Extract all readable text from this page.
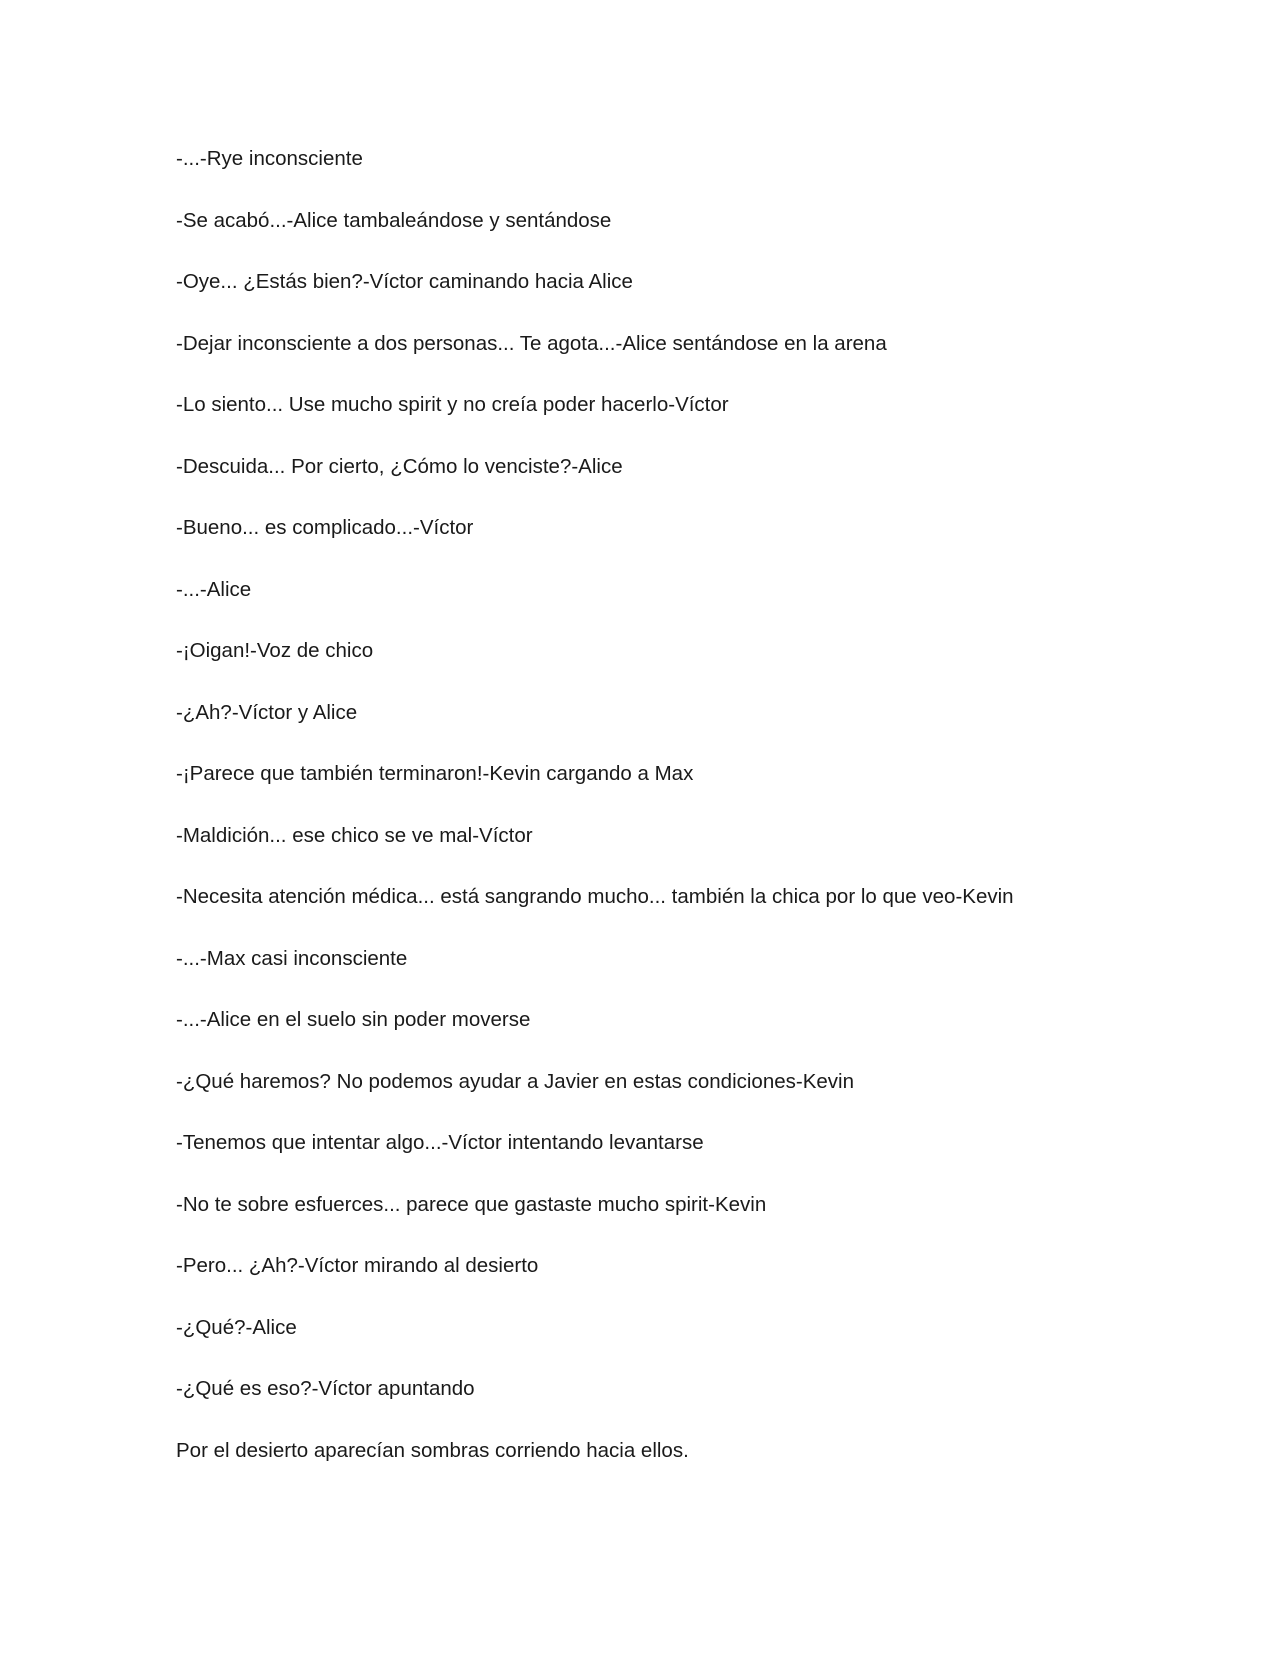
-...-Rye inconsciente

-Se acabó...-Alice tambaleándose y sentándose

-Oye... ¿Estás bien?-Víctor caminando hacia Alice

-Dejar inconsciente a dos personas... Te agota...-Alice sentándose en la arena

-Lo siento... Use mucho spirit y no creía poder hacerlo-Víctor

-Descuida... Por cierto, ¿Cómo lo venciste?-Alice

-Bueno... es complicado...-Víctor

-...-Alice

-¡Oigan!-Voz de chico

-¿Ah?-Víctor y Alice

-¡Parece que también terminaron!-Kevin cargando a Max

-Maldición... ese chico se ve mal-Víctor

-Necesita atención médica... está sangrando mucho... también la chica por lo que veo-Kevin

-...-Max casi inconsciente

-...-Alice en el suelo sin poder moverse

-¿Qué haremos? No podemos ayudar a Javier en estas condiciones-Kevin

-Tenemos que intentar algo...-Víctor intentando levantarse

-No te sobre esfuerces... parece que gastaste mucho spirit-Kevin

-Pero... ¿Ah?-Víctor mirando al desierto

-¿Qué?-Alice

-¿Qué es eso?-Víctor apuntando

Por el desierto aparecían sombras corriendo hacia ellos.
